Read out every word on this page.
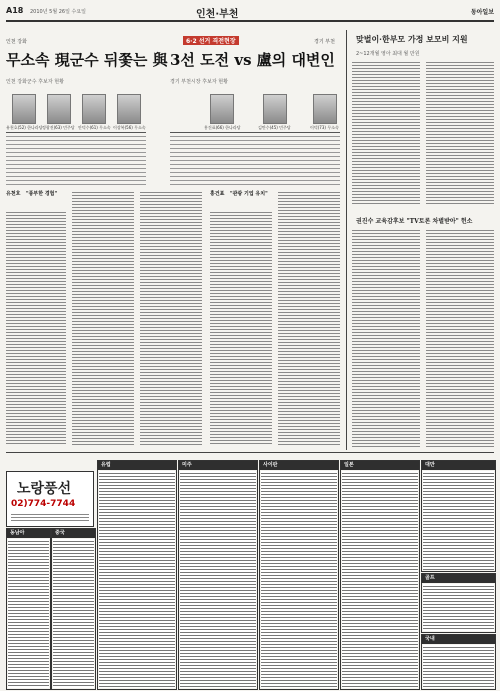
A18 2010년 5월 26일 수요일	인천·부천	동아일보
인천 강화
무소속 現군수 뒤쫓는 與
인천 강화군수 후보자 현황
유천호(52) 한나라당 정광진(63) 민주당 안덕수(61) 무소속 이상복(56) 무소속
6·2 선거 격전현장	경기 부천
3선 도전 vs 盧의 대변인
경기 부천시장 후보자 현황
홍건표(66) 한나라당	김만수(45) 민주당	이덕(73) 무소속
유천호 "풍부한 경험"	홍건표 "관광 기업 유치"
맞벌이·한부모 가정 보모비 지원
2~12개월 영아 최대 월 만원
권진수 교육감후보 "TV토론 차별받아" 헌소
노랑풍선
02)774-7744
동남아	중국
유럽	미주	사이판	일본	대만
골프
국내
